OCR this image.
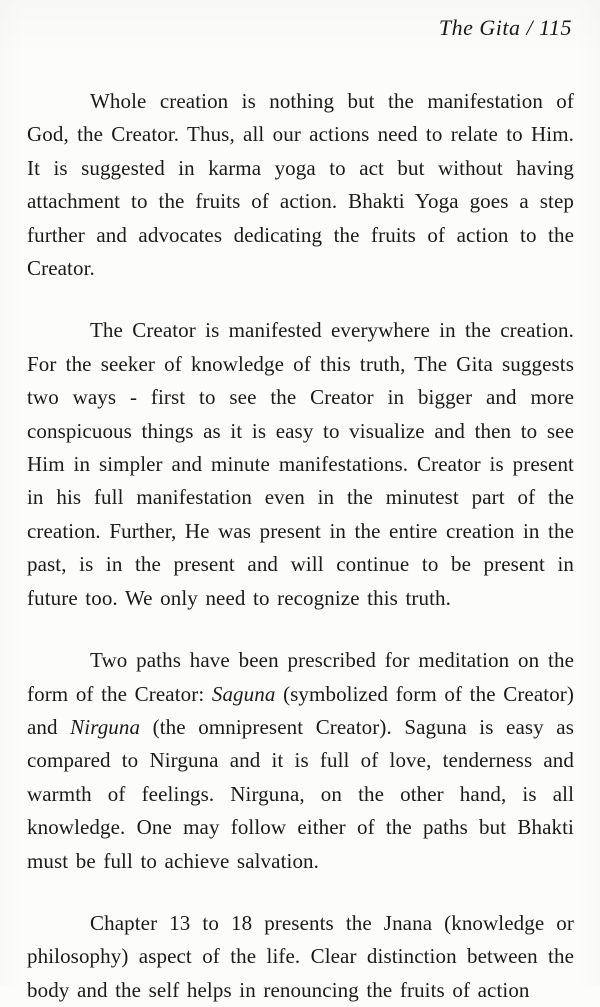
The Gita / 115

Whole creation is nothing but the manifestation of God, the Creator. Thus, all our actions need to relate to Him. It is suggested in karma yoga to act but without having attachment to the fruits of action. Bhakti Yoga goes a step further and advocates dedicating the fruits of action to the Creator.

The Creator is manifested everywhere in the creation. For the seeker of knowledge of this truth, The Gita suggests two ways - first to see the Creator in bigger and more conspicuous things as it is easy to visualize and then to see Him in simpler and minute manifestations. Creator is present in his full manifestation even in the minutest part of the creation. Further, He was present in the entire creation in the past, is in the present and will continue to be present in future too. We only need to recognize this truth.

Two paths have been prescribed for meditation on the form of the Creator: Saguna (symbolized form of the Creator) and Nirguna (the omnipresent Creator). Saguna is easy as compared to Nirguna and it is full of love, tenderness and warmth of feelings. Nirguna, on the other hand, is all knowledge. One may follow either of the paths but Bhakti must be full to achieve salvation.

Chapter 13 to 18 presents the Jnana (knowledge or philosophy) aspect of the life. Clear distinction between the body and the self helps in renouncing the fruits of action
